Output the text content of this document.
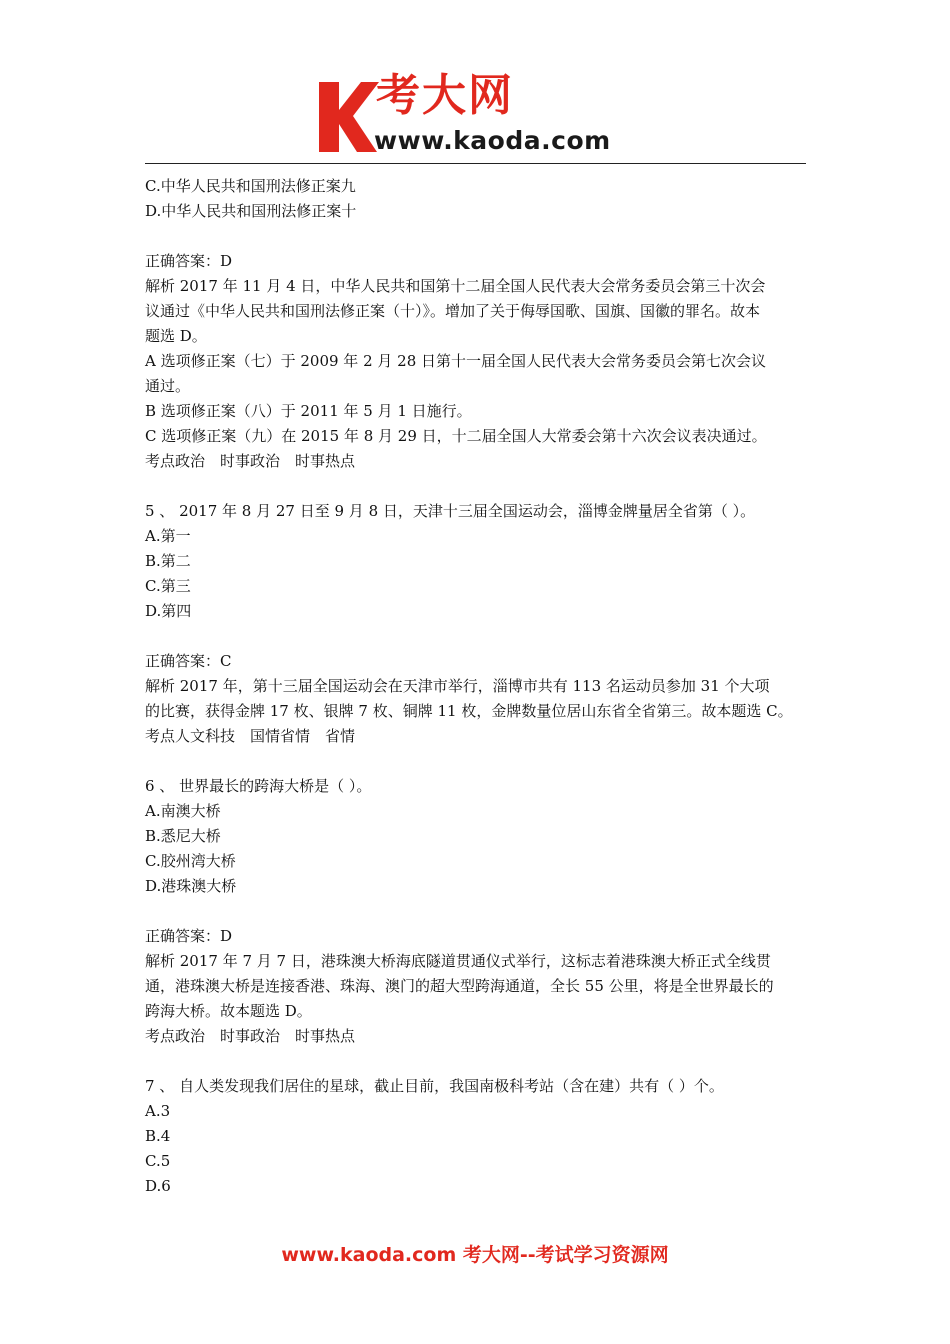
考大网
www.kaoda.com
C.中华人民共和国刑法修正案九
D.中华人民共和国刑法修正案十
正确答案：D
解析 2017 年 11 月 4 日，中华人民共和国第十二届全国人民代表大会常务委员会第三十次会
议通过《中华人民共和国刑法修正案（十）》。增加了关于侮辱国歌、国旗、国徽的罪名。故本
题选 D。
A 选项修正案（七）于 2009 年 2 月 28 日第十一届全国人民代表大会常务委员会第七次会议
通过。
B 选项修正案（八）于 2011 年 5 月 1 日施行。
C 选项修正案（九）在 2015 年 8 月 29 日，十二届全国人大常委会第十六次会议表决通过。
考点政治　时事政治　时事热点
5 、 2017 年 8 月 27 日至 9 月 8 日，天津十三届全国运动会，淄博金牌量居全省第（ ）。
A.第一
B.第二
C.第三
D.第四
正确答案：C
解析 2017 年，第十三届全国运动会在天津市举行，淄博市共有 113 名运动员参加 31 个大项
的比赛，获得金牌 17 枚、银牌 7 枚、铜牌 11 枚，金牌数量位居山东省全省第三。故本题选 C。
考点人文科技　国情省情　省情
6 、 世界最长的跨海大桥是（ ）。
A.南澳大桥
B.悉尼大桥
C.胶州湾大桥
D.港珠澳大桥
正确答案：D
解析 2017 年 7 月 7 日，港珠澳大桥海底隧道贯通仪式举行，这标志着港珠澳大桥正式全线贯
通，港珠澳大桥是连接香港、珠海、澳门的超大型跨海通道，全长 55 公里，将是全世界最长的
跨海大桥。故本题选 D。
考点政治　时事政治　时事热点
7 、 自人类发现我们居住的星球，截止目前，我国南极科考站（含在建）共有（ ）个。
A.3
B.4
C.5
D.6
www.kaoda.com 考大网--考试学习资源网
